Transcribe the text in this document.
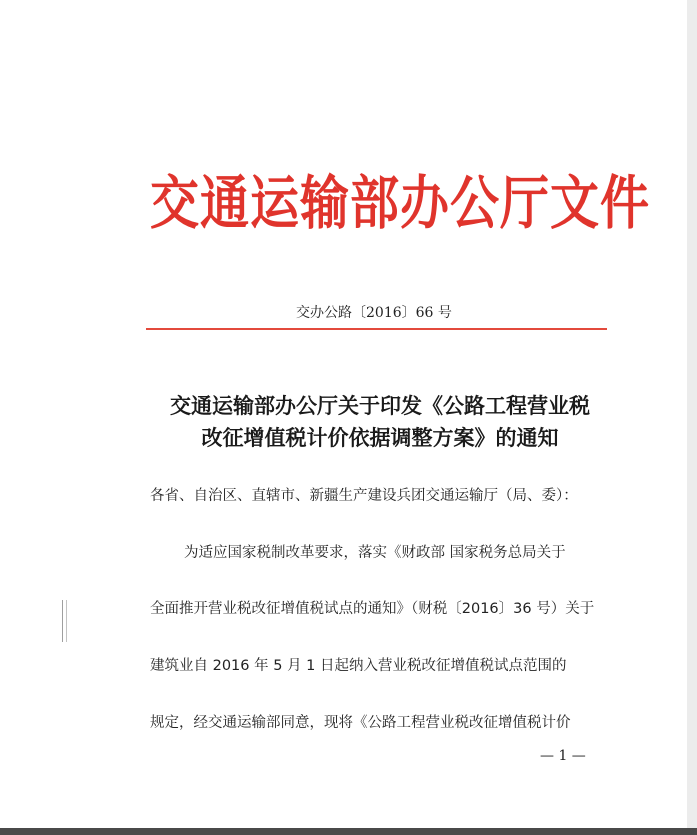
交通运输部办公厅文件
交办公路〔2016〕66 号
交通运输部办公厅关于印发《公路工程营业税
改征增值税计价依据调整方案》的通知
各省、自治区、直辖市、新疆生产建设兵团交通运输厅（局、委）：
为适应国家税制改革要求，落实《财政部 国家税务总局关于
全面推开营业税改征增值税试点的通知》（财税〔2016〕36 号）关于
建筑业自 2016 年 5 月 1 日起纳入营业税改征增值税试点范围的
规定，经交通运输部同意，现将《公路工程营业税改征增值税计价
— 1 —
